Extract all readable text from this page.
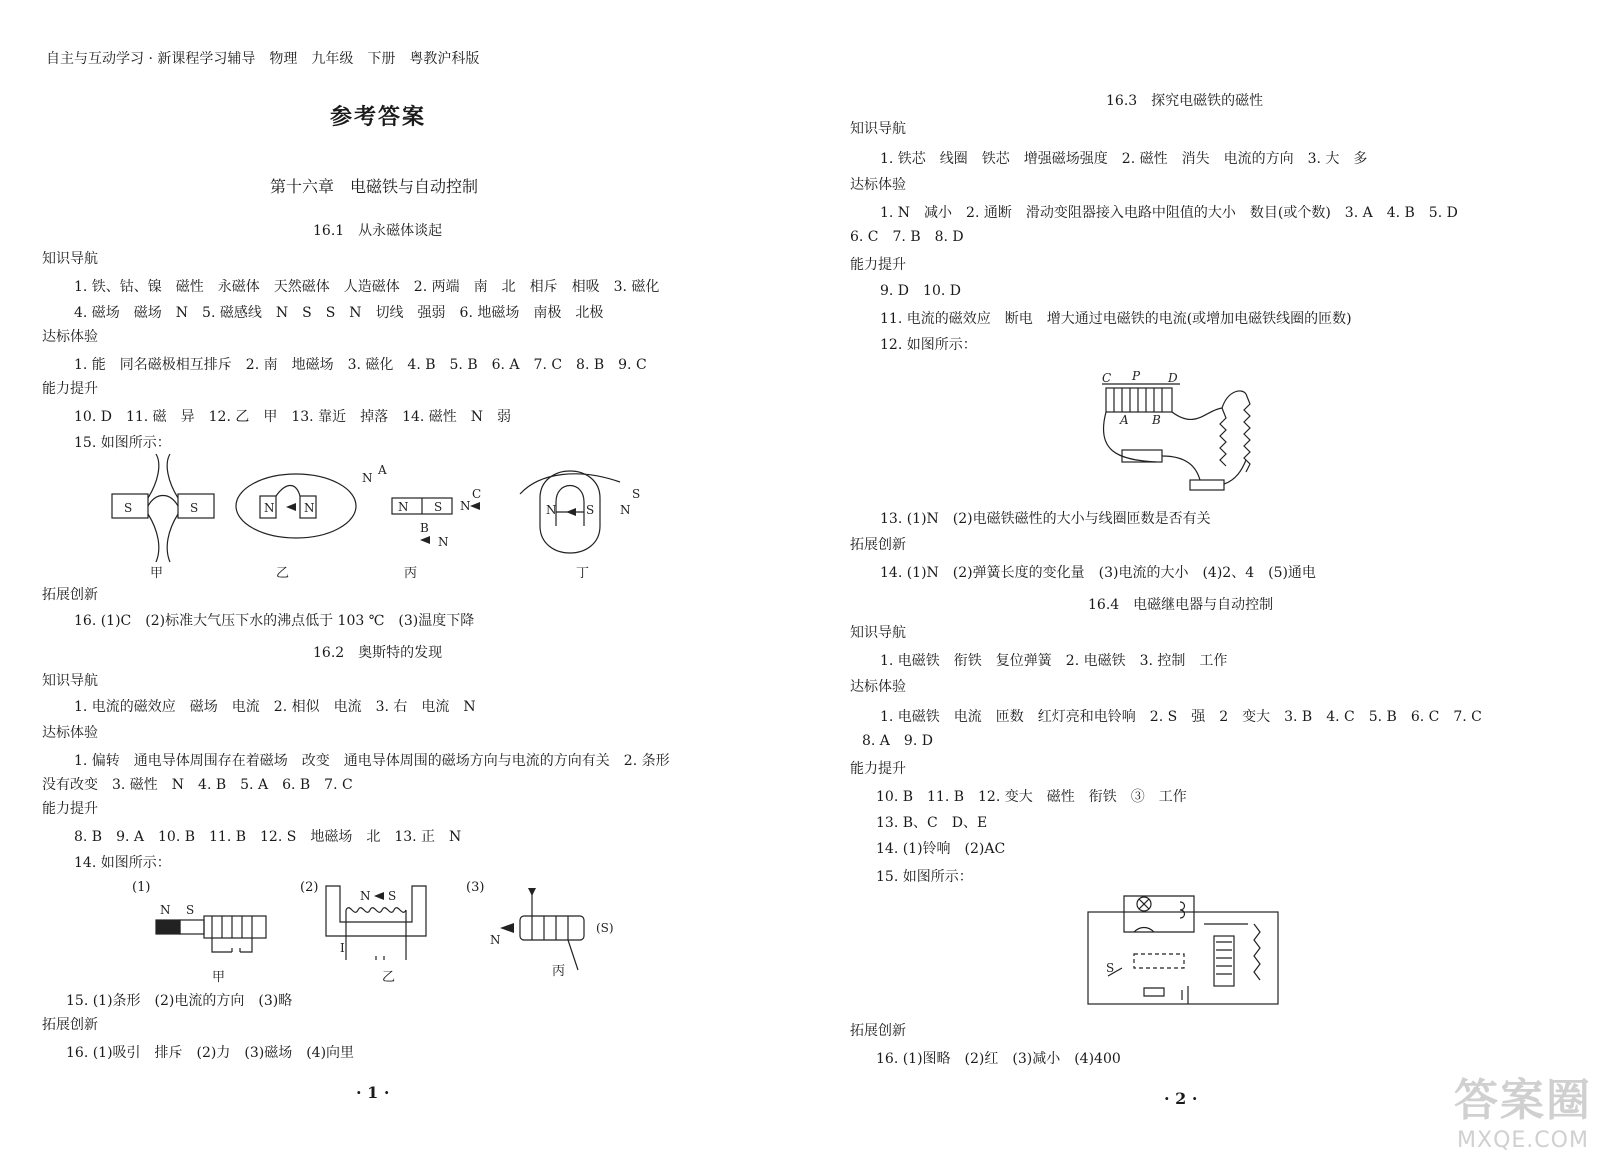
自主与互动学习 · 新课程学习辅导　物理　九年级　下册　粤教沪科版
参考答案
第十六章　电磁铁与自动控制
16.1　从永磁体谈起
知识导航
1. 铁、钴、镍　磁性　永磁体　天然磁体　人造磁体　2. 两端　南　北　相斥　相吸　3. 磁化
4. 磁场　磁场　N　5. 磁感线　N　S　S　N　切线　强弱　6. 地磁场　南极　北极
达标体验
1. 能　同名磁极相互排斥　2. 南　地磁场　3. 磁化　4. B　5. B　6. A　7. C　8. B　9. C
能力提升
10. D　11. 磁　异　12. 乙　甲　13. 靠近　掉落　14. 磁性　N　弱
15. 如图所示：
S	S	N N	N S N
C
N
A
B
N
N S N
S
甲	乙	丙	丁
拓展创新
16. (1)C　(2)标准大气压下水的沸点低于 103 ℃　(3)温度下降
16.2　奥斯特的发现
知识导航
1. 电流的磁效应　磁场　电流　2. 相似　电流　3. 右　电流　N
达标体验
1. 偏转　通电导体周围存在着磁场　改变　通电导体周围的磁场方向与电流的方向有关　2. 条形
没有改变　3. 磁性　N　4. B　5. A　6. B　7. C
能力提升
8. B　9. A　10. B　11. B　12. S　地磁场　北　13. 正　N
14. 如图所示：
(1)	(2)	(3)
N S
N S
I
N
(S)
甲	乙	丙
15. (1)条形　(2)电流的方向　(3)略
拓展创新
16. (1)吸引　排斥　(2)力　(3)磁场　(4)向里
· 1 ·
16.3　探究电磁铁的磁性
知识导航
1. 铁芯　线圈　铁芯　增强磁场强度　2. 磁性　消失　电流的方向　3. 大　多
达标体验
1. N　减小　2. 通断　滑动变阻器接入电路中阻值的大小　数目(或个数)　3. A　4. B　5. D
6. C　7. B　8. D
能力提升
9. D　10. D
11. 电流的磁效应　断电　增大通过电磁铁的电流(或增加电磁铁线圈的匝数)
12. 如图所示：
C P D
A B
13. (1)N　(2)电磁铁磁性的大小与线圈匝数是否有关
拓展创新
14. (1)N　(2)弹簧长度的变化量　(3)电流的大小　(4)2、4　(5)通电
16.4　电磁继电器与自动控制
知识导航
1. 电磁铁　衔铁　复位弹簧　2. 电磁铁　3. 控制　工作
达标体验
1. 电磁铁　电流　匝数　红灯亮和电铃响　2. S　强　2　变大　3. B　4. C　5. B　6. C　7. C
8. A　9. D
能力提升
10. B　11. B　12. 变大　磁性　衔铁　③　工作
13. B、C　D、E
14. (1)铃响　(2)AC
15. 如图所示：
S
拓展创新
16. (1)图略　(2)红　(3)减小　(4)400
· 2 ·	答案圈
MXQE.COM
